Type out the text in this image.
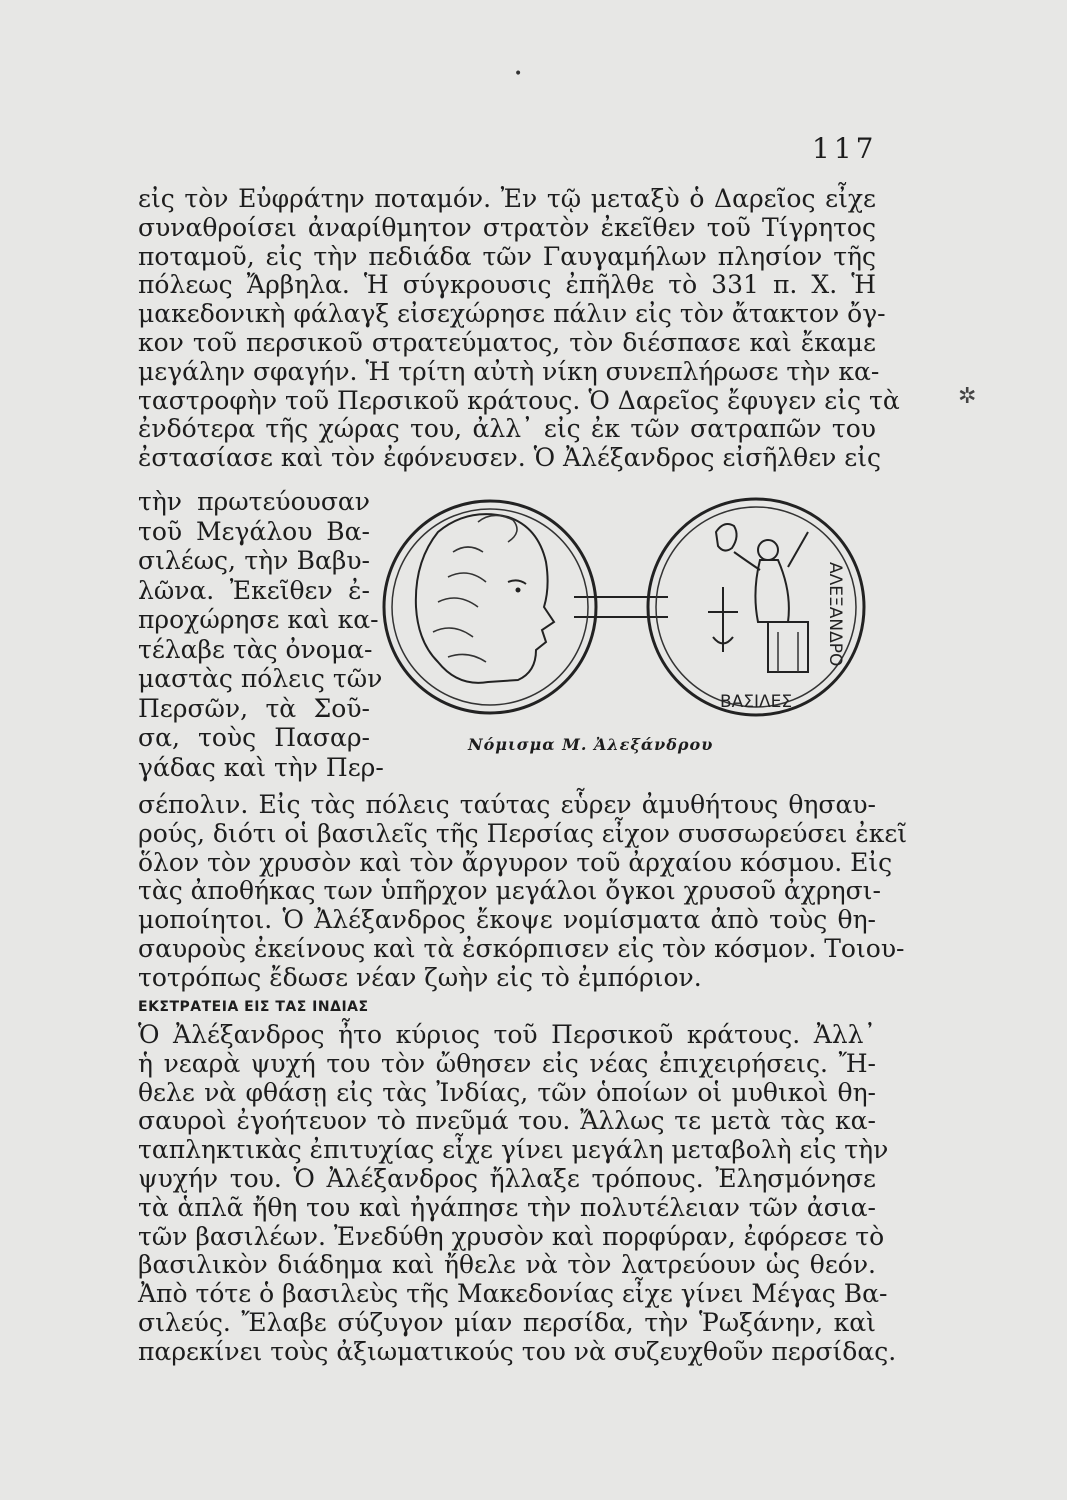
•
✲
117
εἰς τὸν Εὐφράτην ποταμόν. Ἐν τῷ μεταξὺ ὁ Δαρεῖος εἶχε
συναθροίσει ἀναρίθμητον στρατὸν ἐκεῖθεν τοῦ Τίγρητος
ποταμοῦ, εἰς τὴν πεδιάδα τῶν Γαυγαμήλων πλησίον τῆς
πόλεως Ἄρβηλα. Ἡ σύγκρουσις ἐπῆλθε τὸ 331 π. Χ. Ἡ
μακεδονικὴ φάλαγξ εἰσεχώρησε πάλιν εἰς τὸν ἄτακτον ὄγ-
κον τοῦ περσικοῦ στρατεύματος, τὸν διέσπασε καὶ ἔκαμε
μεγάλην σφαγήν. Ἡ τρίτη αὐτὴ νίκη συνεπλήρωσε τὴν κα-
ταστροφὴν τοῦ Περσικοῦ κράτους. Ὁ Δαρεῖος ἔφυγεν εἰς τὰ
ἐνδότερα τῆς χώρας του, ἀλλ᾽ εἰς ἐκ τῶν σατραπῶν του
ἐστασίασε καὶ τὸν ἐφόνευσεν. Ὁ Ἀλέξανδρος εἰσῆλθεν εἰς
τὴν πρωτεύουσαν
τοῦ Μεγάλου Βα-
σιλέως, τὴν Βαβυ-
λῶνα. Ἐκεῖθεν ἐ-
προχώρησε καὶ κα-
τέλαβε τὰς ὀνομα-
μαστὰς πόλεις τῶν
Περσῶν, τὰ Σοῦ-
σα, τοὺς Πασαρ-
γάδας καὶ τὴν Περ-
ΑΛΕΞΑΝΔΡΟ
ΒΑΣΙΛΕΣ
Νόμισμα Μ. Ἀλεξάνδρου
σέπολιν. Εἰς τὰς πόλεις ταύτας εὗρεν ἀμυθήτους θησαυ-
ρούς, διότι οἱ βασιλεῖς τῆς Περσίας εἶχον συσσωρεύσει ἐκεῖ
ὅλον τὸν χρυσὸν καὶ τὸν ἄργυρον τοῦ ἀρχαίου κόσμου. Εἰς
τὰς ἀποθήκας των ὑπῆρχον μεγάλοι ὄγκοι χρυσοῦ ἀχρησι-
μοποίητοι. Ὁ Ἀλέξανδρος ἔκοψε νομίσματα ἀπὸ τοὺς θη-
σαυροὺς ἐκείνους καὶ τὰ ἐσκόρπισεν εἰς τὸν κόσμον. Τοιου-
τοτρόπως ἔδωσε νέαν ζωὴν εἰς τὸ ἐμπόριον.
ΕΚΣΤΡΑΤΕΙΑ ΕΙΣ ΤΑΣ ΙΝΔΙΑΣ
Ὁ Ἀλέξανδρος ἦτο κύριος τοῦ Περσικοῦ κράτους. Ἀλλ᾽
ἡ νεαρὰ ψυχή του τὸν ὤθησεν εἰς νέας ἐπιχειρήσεις. Ἤ-
θελε νὰ φθάσῃ εἰς τὰς Ἰνδίας, τῶν ὁποίων οἱ μυθικοὶ θη-
σαυροὶ ἐγοήτευον τὸ πνεῦμά του. Ἄλλως τε μετὰ τὰς κα-
ταπληκτικὰς ἐπιτυχίας εἶχε γίνει μεγάλη μεταβολὴ εἰς τὴν
ψυχήν του. Ὁ Ἀλέξανδρος ἤλλαξε τρόπους. Ἐλησμόνησε
τὰ ἁπλᾶ ἤθη του καὶ ἠγάπησε τὴν πολυτέλειαν τῶν ἀσια-
τῶν βασιλέων. Ἐνεδύθη χρυσὸν καὶ πορφύραν, ἐφόρεσε τὸ
βασιλικὸν διάδημα καὶ ἤθελε νὰ τὸν λατρεύουν ὡς θεόν.
Ἀπὸ τότε ὁ βασιλεὺς τῆς Μακεδονίας εἶχε γίνει Μέγας Βα-
σιλεύς. Ἔλαβε σύζυγον μίαν περσίδα, τὴν Ῥωξάνην, καὶ
παρεκίνει τοὺς ἀξιωματικούς του νὰ συζευχθοῦν περσίδας.
